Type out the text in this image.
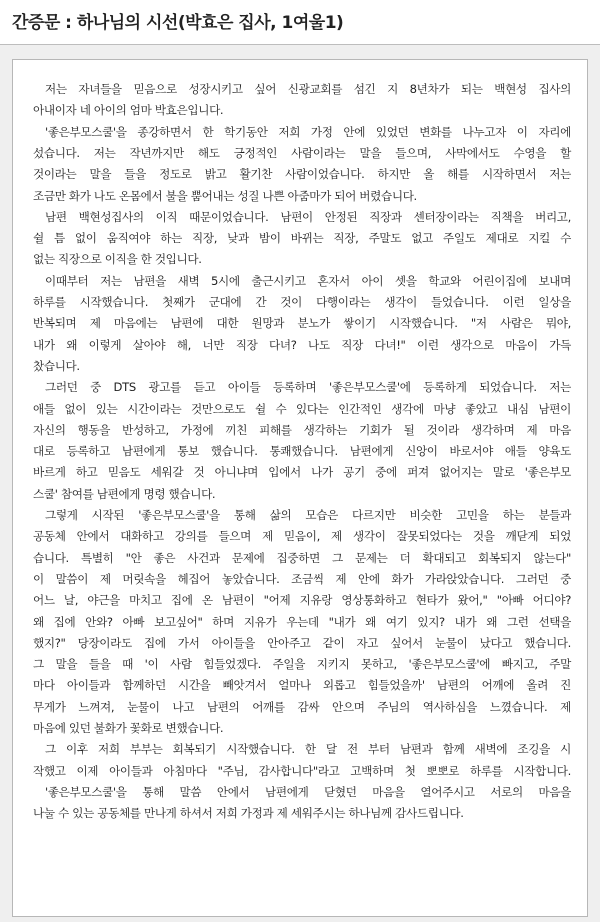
간증문 : 하나님의 시선(박효은 집사, 1여울1)
저는 자녀들을 믿음으로 성장시키고 싶어 신광교회를 섬긴 지 8년차가 되는 백현성 집사의
아내이자 네 아이의 엄마 박효은입니다.
'좋은부모스쿨'을 종강하면서 한 학기동안 저희 가정 안에 있었던 변화를 나누고자 이 자리에
섰습니다. 저는 작년까지만 해도 긍정적인 사람이라는 말을 들으며, 사막에서도 수영을 할
것이라는 말을 들을 정도로 밝고 활기찬 사람이었습니다. 하지만 올 해를 시작하면서 저는
조금만 화가 나도 온몸에서 불을 뿜어내는 성질 나쁜 아줌마가 되어 버렸습니다.
남편 백현성집사의 이직 때문이었습니다. 남편이 안정된 직장과 센터장이라는 직책을 버리고,
쉴 틈 없이 움직여야 하는 직장, 낮과 밤이 바뀌는 직장, 주말도 없고 주일도 제대로 지킬 수
없는 직장으로 이직을 한 것입니다.
이때부터 저는 남편을 새벽 5시에 출근시키고 혼자서 아이 셋을 학교와 어린이집에 보내며
하루를 시작했습니다. 첫째가 군대에 간 것이 다행이라는 생각이 들었습니다. 이런 일상을
반복되며 제 마음에는 남편에 대한 원망과 분노가 쌓이기 시작했습니다. "저 사람은 뭐야,
내가 왜 이렇게 살아야 해, 너만 직장 다녀? 나도 직장 다녀!" 이런 생각으로 마음이 가득
찼습니다.
그러던 중 DTS 광고를 듣고 아이들 등록하며 '좋은부모스쿨'에 등록하게 되었습니다. 저는
애들 없이 있는 시간이라는 것만으로도 쉴 수 있다는 인간적인 생각에 마냥 좋았고 내심 남편이
자신의 행동을 반성하고, 가정에 끼친 피해를 생각하는 기회가 될 것이라 생각하며 제 마음
대로 등록하고 남편에게 통보 했습니다. 통쾌했습니다. 남편에게 신앙이 바로서야 애들 양육도
바르게 하고 믿음도 세워갈 것 아니냐며 입에서 나가 공기 중에 퍼져 없어지는 말로 '좋은부모
스쿨' 참여를 남편에게 명령 했습니다.
그렇게 시작된 '좋은부모스쿨'을 통해 삶의 모습은 다르지만 비슷한 고민을 하는 분들과
공동체 안에서 대화하고 강의를 들으며 제 믿음이, 제 생각이 잘못되었다는 것을 깨닫게 되었
습니다. 특별히 "안 좋은 사건과 문제에 집중하면 그 문제는 더 확대되고 회복되지 않는다"
이 말씀이 제 머릿속을 헤집어 놓았습니다. 조금씩 제 안에 화가 가라앉았습니다. 그러던 중
어느 날, 야근을 마치고 집에 온 남편이 "어제 지유랑 영상통화하고 현타가 왔어," "아빠 어디야?
왜 집에 안와? 아빠 보고싶어" 하며 지유가 우는데 "내가 왜 여기 있지? 내가 왜 그런 선택을
했지?" 당장이라도 집에 가서 아이들을 안아주고 같이 자고 싶어서 눈물이 났다고 했습니다.
그 말을 들을 때 '이 사람 힘들었겠다. 주일을 지키지 못하고, '좋은부모스쿨'에 빠지고, 주말
마다 아이들과 함께하던 시간을 빼앗겨서 얼마나 외롭고 힘들었을까' 남편의 어깨에 올려 진
무게가 느껴져, 눈물이 나고 남편의 어깨를 감싸 안으며 주님의 역사하심을 느꼈습니다. 제
마음에 있던 불화가 꽃화로 변했습니다.
그 이후 저희 부부는 회복되기 시작했습니다. 한 달 전 부터 남편과 함께 새벽에 조깅을 시
작했고 이제 아이들과 아침마다 "주님, 감사합니다"라고 고백하며 첫 뽀뽀로 하루를 시작합니다.
'좋은부모스쿨'을 통해 말씀 안에서 남편에게 닫혔던 마음을 열어주시고 서로의 마음을
나눌 수 있는 공동체를 만나게 하셔서 저희 가정과 제 세워주시는 하나님께 감사드립니다.
